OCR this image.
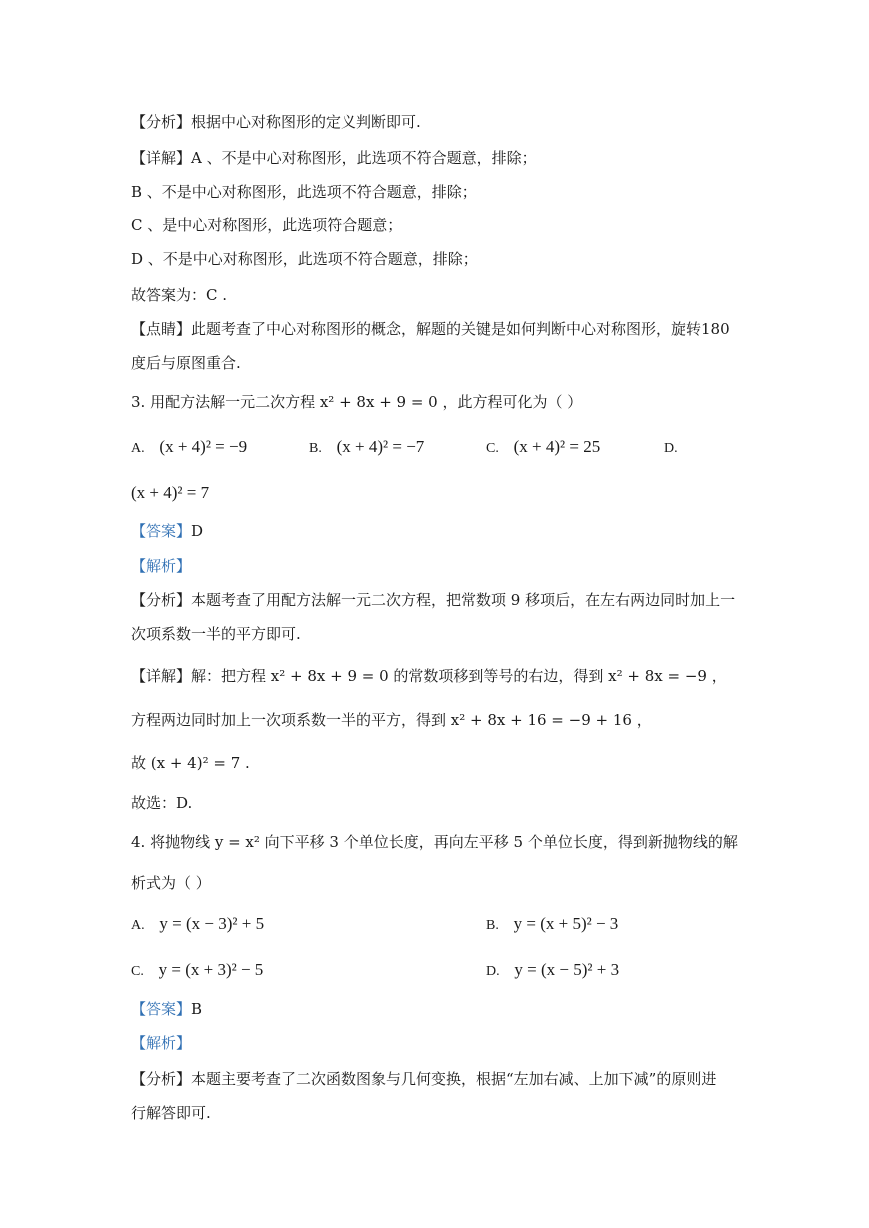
【分析】根据中心对称图形的定义判断即可.
【详解】A 、不是中心对称图形，此选项不符合题意，排除；
B 、不是中心对称图形，此选项不符合题意，排除；
C 、是中心对称图形，此选项符合题意；
D 、不是中心对称图形，此选项不符合题意，排除；
故答案为：C .
【点睛】此题考查了中心对称图形的概念，解题的关键是如何判断中心对称图形，旋转180
度后与原图重合.
3. 用配方法解一元二次方程 x² + 8x + 9 = 0 ，此方程可化为（ ）
A. (x + 4)² = −9	B. (x + 4)² = −7	C. (x + 4)² = 25	D.
(x + 4)² = 7
【答案】D
【解析】
【分析】本题考查了用配方法解一元二次方程，把常数项 9 移项后，在左右两边同时加上一
次项系数一半的平方即可.
【详解】解：把方程 x² + 8x + 9 = 0 的常数项移到等号的右边，得到 x² + 8x = −9 ，
方程两边同时加上一次项系数一半的平方，得到 x² + 8x + 16 = −9 + 16 ，
故 (x + 4)² = 7 .
故选：D.
4. 将抛物线 y = x² 向下平移 3 个单位长度，再向左平移 5 个单位长度，得到新抛物线的解
析式为（ ）
A. y = (x − 3)² + 5	B. y = (x + 5)² − 3
C. y = (x + 3)² − 5	D. y = (x − 5)² + 3
【答案】B
【解析】
【分析】本题主要考查了二次函数图象与几何变换，根据“左加右减、上加下减”的原则进
行解答即可.
